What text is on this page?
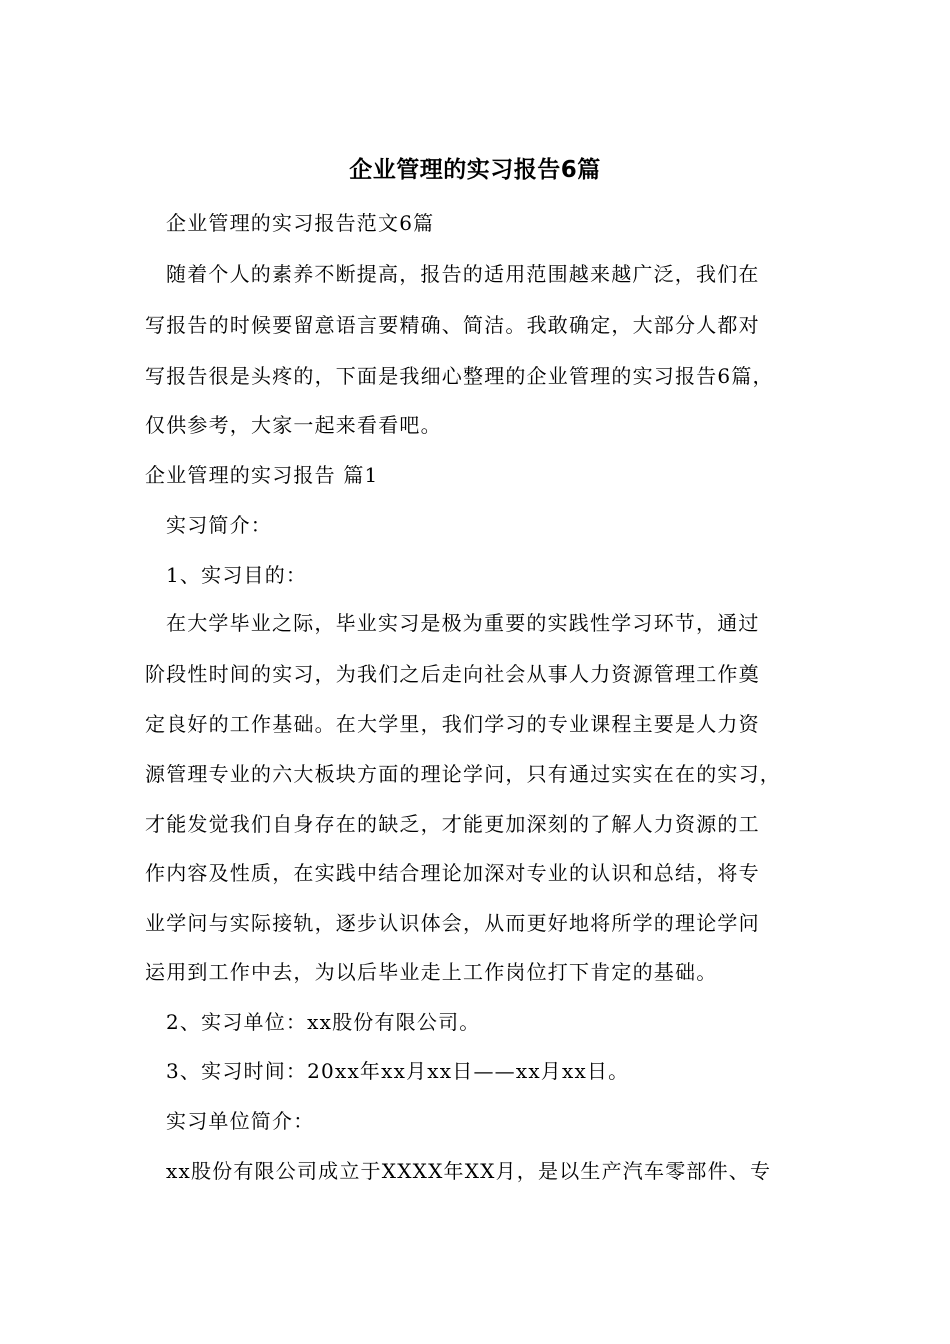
企业管理的实习报告6篇
企业管理的实习报告范文6篇
随着个人的素养不断提高，报告的适用范围越来越广泛，我们在
写报告的时候要留意语言要精确、简洁。我敢确定，大部分人都对
写报告很是头疼的，下面是我细心整理的企业管理的实习报告6篇，
仅供参考，大家一起来看看吧。
企业管理的实习报告 篇1
实习简介：
1、实习目的：
在大学毕业之际，毕业实习是极为重要的实践性学习环节，通过
阶段性时间的实习，为我们之后走向社会从事人力资源管理工作奠
定良好的工作基础。在大学里，我们学习的专业课程主要是人力资
源管理专业的六大板块方面的理论学问，只有通过实实在在的实习，
才能发觉我们自身存在的缺乏，才能更加深刻的了解人力资源的工
作内容及性质，在实践中结合理论加深对专业的认识和总结，将专
业学问与实际接轨，逐步认识体会，从而更好地将所学的理论学问
运用到工作中去，为以后毕业走上工作岗位打下肯定的基础。
2、实习单位：xx股份有限公司。
3、实习时间：20xx年xx月xx日——xx月xx日。
实习单位简介：
xx股份有限公司成立于XXXX年XX月，是以生产汽车零部件、专
